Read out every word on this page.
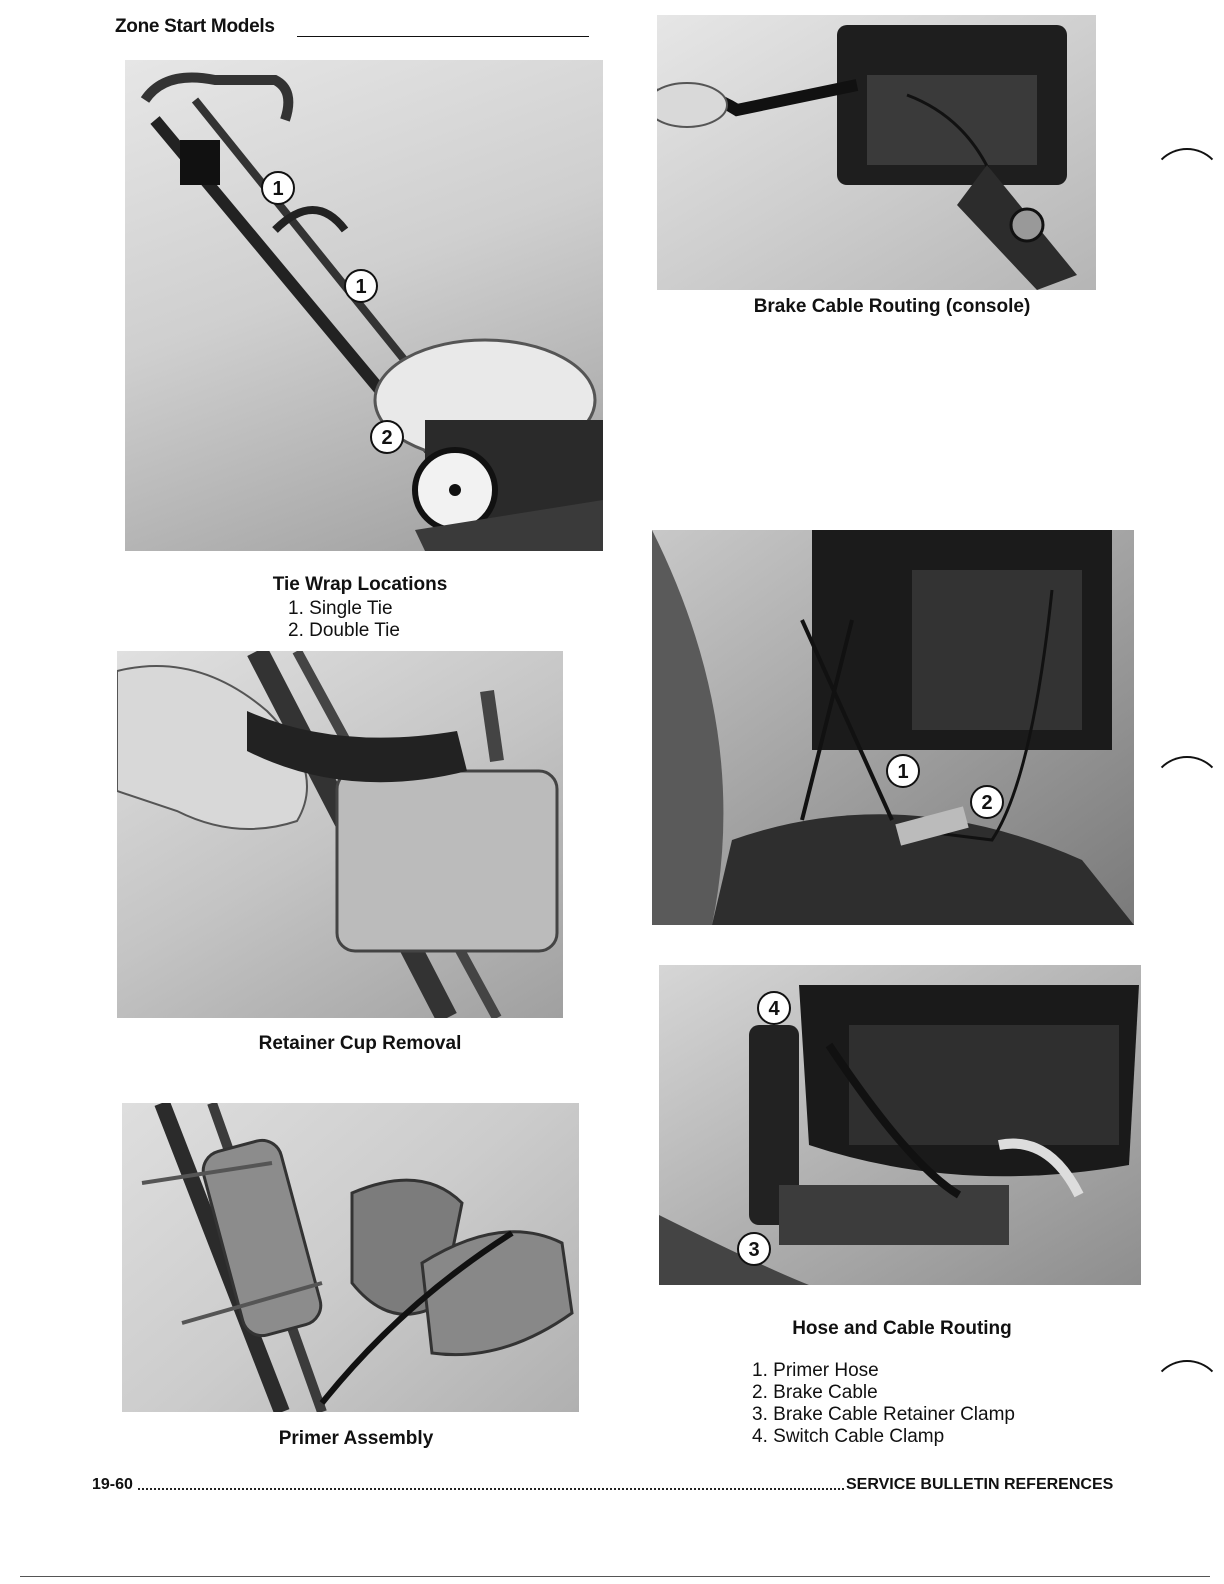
Zone Start Models
1
1
2
Tie Wrap Locations
1. Single Tie
2. Double Tie
Retainer Cup Removal
Primer Assembly
Brake Cable Routing (console)
1
2
4
3
Hose and Cable Routing
1. Primer Hose
2. Brake Cable
3. Brake Cable Retainer Clamp
4. Switch Cable Clamp
19-60	SERVICE BULLETIN REFERENCES
